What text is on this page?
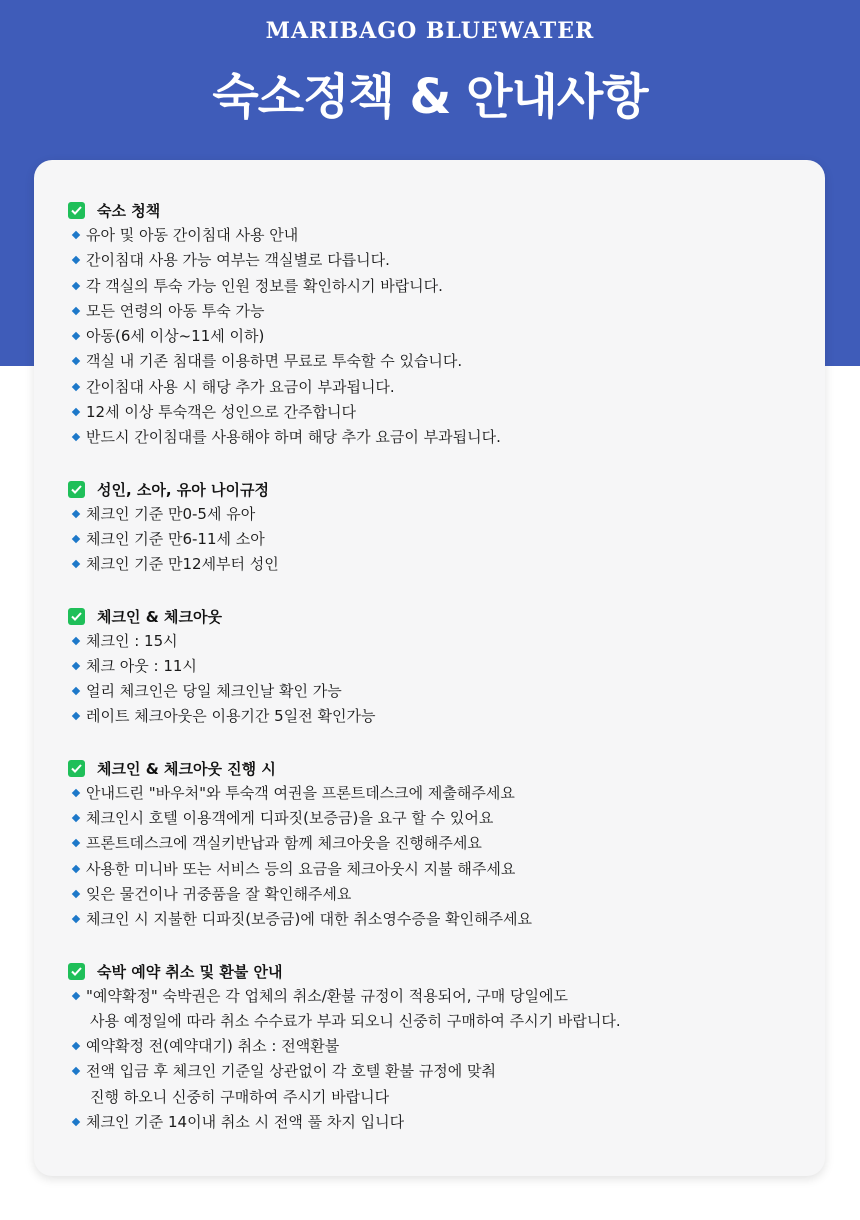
MARIBAGO BLUEWATER
숙소정책 & 안내사항
숙소 청책
유아 및 아동 간이침대 사용 안내
간이침대 사용 가능 여부는 객실별로 다릅니다.
각 객실의 투숙 가능 인원 정보를 확인하시기 바랍니다.
모든 연령의 아동 투숙 가능
아동(6세 이상~11세 이하)
객실 내 기존 침대를 이용하면 무료로 투숙할 수 있습니다.
간이침대 사용 시 해당 추가 요금이 부과됩니다.
12세 이상 투숙객은 성인으로 간주합니다
반드시 간이침대를 사용해야 하며 해당 추가 요금이 부과됩니다.
성인, 소아, 유아 나이규정
체크인 기준 만0-5세 유아
체크인 기준 만6-11세 소아
체크인 기준 만12세부터 성인
체크인 & 체크아웃
체크인 : 15시
체크 아웃 : 11시
얼리 체크인은 당일 체크인날 확인 가능
레이트 체크아웃은 이용기간 5일전 확인가능
체크인 & 체크아웃 진행 시
안내드린 "바우처"와 투숙객 여권을 프론트데스크에 제출해주세요
체크인시 호텔 이용객에게 디파짓(보증금)을 요구 할 수 있어요
프론트데스크에 객실키반납과 함께 체크아웃을 진행해주세요
사용한 미니바 또는 서비스 등의 요금을 체크아웃시 지불 해주세요
잊은 물건이나 귀중품을 잘 확인해주세요
체크인 시 지불한 디파짓(보증금)에 대한 취소영수증을 확인해주세요
숙박 예약 취소 및 환불 안내
"예약확정" 숙박권은 각 업체의 취소/환불 규정이 적용되어, 구매 당일에도
사용 예정일에 따라 취소 수수료가 부과 되오니 신중히 구매하여 주시기 바랍니다.
예약확정 전(예약대기) 취소 : 전액환불
전액 입금 후 체크인 기준일 상관없이 각 호텔 환불 규정에 맞춰
진행 하오니 신중히 구매하여 주시기 바랍니다
체크인 기준 14이내 취소 시 전액 풀 차지 입니다
